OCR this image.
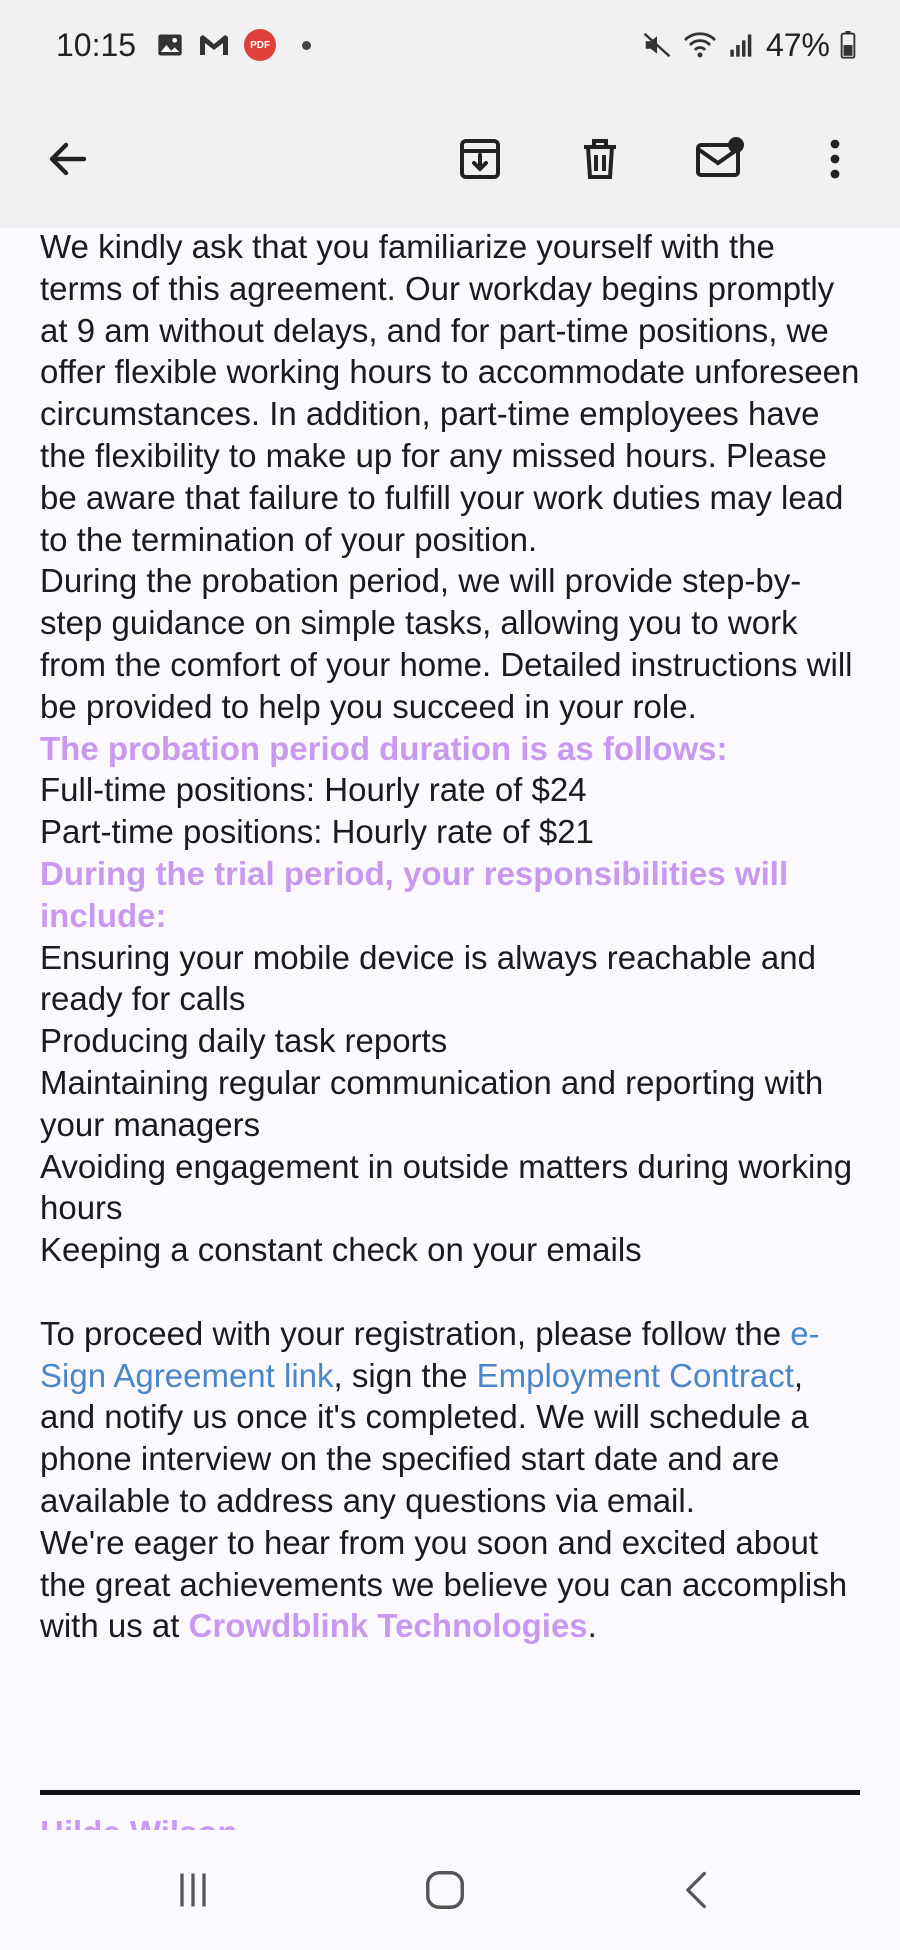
10:15	PDF	47%

We kindly ask that you familiarize yourself with the terms of this agreement. Our workday begins promptly at 9 am without delays, and for part-time positions, we offer flexible working hours to accommodate unforeseen circumstances. In addition, part-time employees have the flexibility to make up for any missed hours. Please be aware that failure to fulfill your work duties may lead to the termination of your position.

During the probation period, we will provide step-by-step guidance on simple tasks, allowing you to work from the comfort of your home. Detailed instructions will be provided to help you succeed in your role.

The probation period duration is as follows:

Full-time positions: Hourly rate of $24

Part-time positions: Hourly rate of $21

During the trial period, your responsibilities will include:

Ensuring your mobile device is always reachable and ready for calls

Producing daily task reports

Maintaining regular communication and reporting with your managers

Avoiding engagement in outside matters during working hours

Keeping a constant check on your emails

To proceed with your registration, please follow the e-Sign Agreement link, sign the Employment Contract, and notify us once it's completed. We will schedule a phone interview on the specified start date and are available to address any questions via email.

We're eager to hear from you soon and excited about the great achievements we believe you can accomplish with us at Crowdblink Technologies.
